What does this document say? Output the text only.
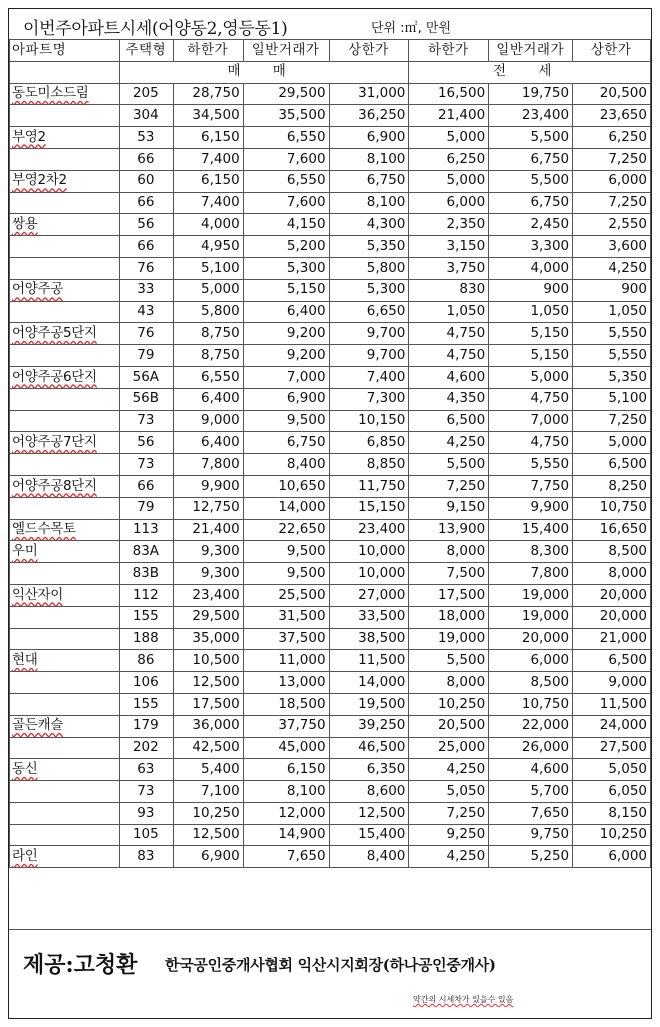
이번주아파트시세(어양동2,영등동1)	단위 :㎡, 만원
아파트명	주택형	하한가	일반거래가	상한가	하한가	일반거래가	상한가
	매 매				전 세		
동도미소드림	205	28,750	29,500	31,000	16,500	19,750	20,500
	304	34,500	35,500	36,250	21,400	23,400	23,650
부영2	53	6,150	6,550	6,900	5,000	5,500	6,250
	66	7,400	7,600	8,100	6,250	6,750	7,250
부영2차2	60	6,150	6,550	6,750	5,000	5,500	6,000
	66	7,400	7,600	8,100	6,000	6,750	7,250
쌍용	56	4,000	4,150	4,300	2,350	2,450	2,550
	66	4,950	5,200	5,350	3,150	3,300	3,600
	76	5,100	5,300	5,800	3,750	4,000	4,250
어양주공	33	5,000	5,150	5,300	830	900	900
	43	5,800	6,400	6,650	1,050	1,050	1,050
어양주공5단지	76	8,750	9,200	9,700	4,750	5,150	5,550
	79	8,750	9,200	9,700	4,750	5,150	5,550
어양주공6단지	56A	6,550	7,000	7,400	4,600	5,000	5,350
	56B	6,400	6,900	7,300	4,350	4,750	5,100
	73	9,000	9,500	10,150	6,500	7,000	7,250
어양주공7단지	56	6,400	6,750	6,850	4,250	4,750	5,000
	73	7,800	8,400	8,850	5,500	5,550	6,500
어양주공8단지	66	9,900	10,650	11,750	7,250	7,750	8,250
	79	12,750	14,000	15,150	9,150	9,900	10,750
엘드수목토	113	21,400	22,650	23,400	13,900	15,400	16,650
우미	83A	9,300	9,500	10,000	8,000	8,300	8,500
	83B	9,300	9,500	10,000	7,500	7,800	8,000
익산자이	112	23,400	25,500	27,000	17,500	19,000	20,000
	155	29,500	31,500	33,500	18,000	19,000	20,000
	188	35,000	37,500	38,500	19,000	20,000	21,000
현대	86	10,500	11,000	11,500	5,500	6,000	6,500
	106	12,500	13,000	14,000	8,000	8,500	9,000
	155	17,500	18,500	19,500	10,250	10,750	11,500
골든캐슬	179	36,000	37,750	39,250	20,500	22,000	24,000
	202	42,500	45,000	46,500	25,000	26,000	27,500
동신	63	5,400	6,150	6,350	4,250	4,600	5,050
	73	7,100	8,100	8,600	5,050	5,700	6,050
	93	10,250	12,000	12,500	7,250	7,650	8,150
	105	12,500	14,900	15,400	9,250	9,750	10,250
라인	83	6,900	7,650	8,400	4,250	5,250	6,000
제공:고청환 한국공인중개사협회 익산시지회장(하나공인중개사)
약간의 시세차가 있을수 있음
